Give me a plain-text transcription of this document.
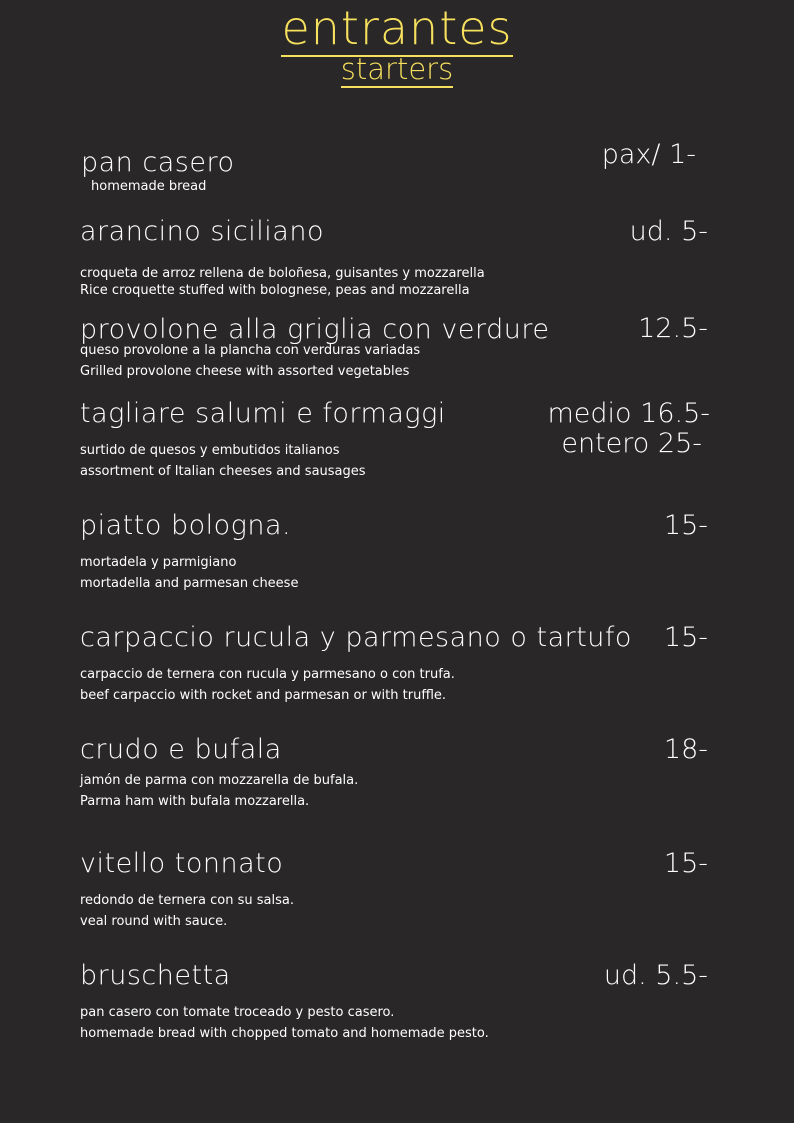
entrantes
starters
pan casero	pax/ 1-
homemade bread
arancino siciliano	ud. 5-
croqueta de arroz rellena de boloñesa, guisantes y mozzarella
Rice croquette stuffed with bolognese, peas and mozzarella
provolone alla griglia con verdure	12.5-
queso provolone a la plancha con verduras variadas
Grilled provolone cheese with assorted vegetables
tagliare salumi e formaggi	medio 16.5-
entero 25-
surtido de quesos y embutidos italianos
assortment of Italian cheeses and sausages
piatto bologna.	15-
mortadela y parmigiano
mortadella and parmesan cheese
carpaccio rucula y parmesano o tartufo 15-
carpaccio de ternera con rucula y parmesano o con trufa.
beef carpaccio with rocket and parmesan or with truffle.
crudo e bufala	18-
jamón de parma con mozzarella de bufala.
Parma ham with bufala mozzarella.
vitello tonnato	15-
redondo de ternera con su salsa.
veal round with sauce.
bruschetta	ud. 5.5-
pan casero con tomate troceado y pesto casero.
homemade bread with chopped tomato and homemade pesto.
